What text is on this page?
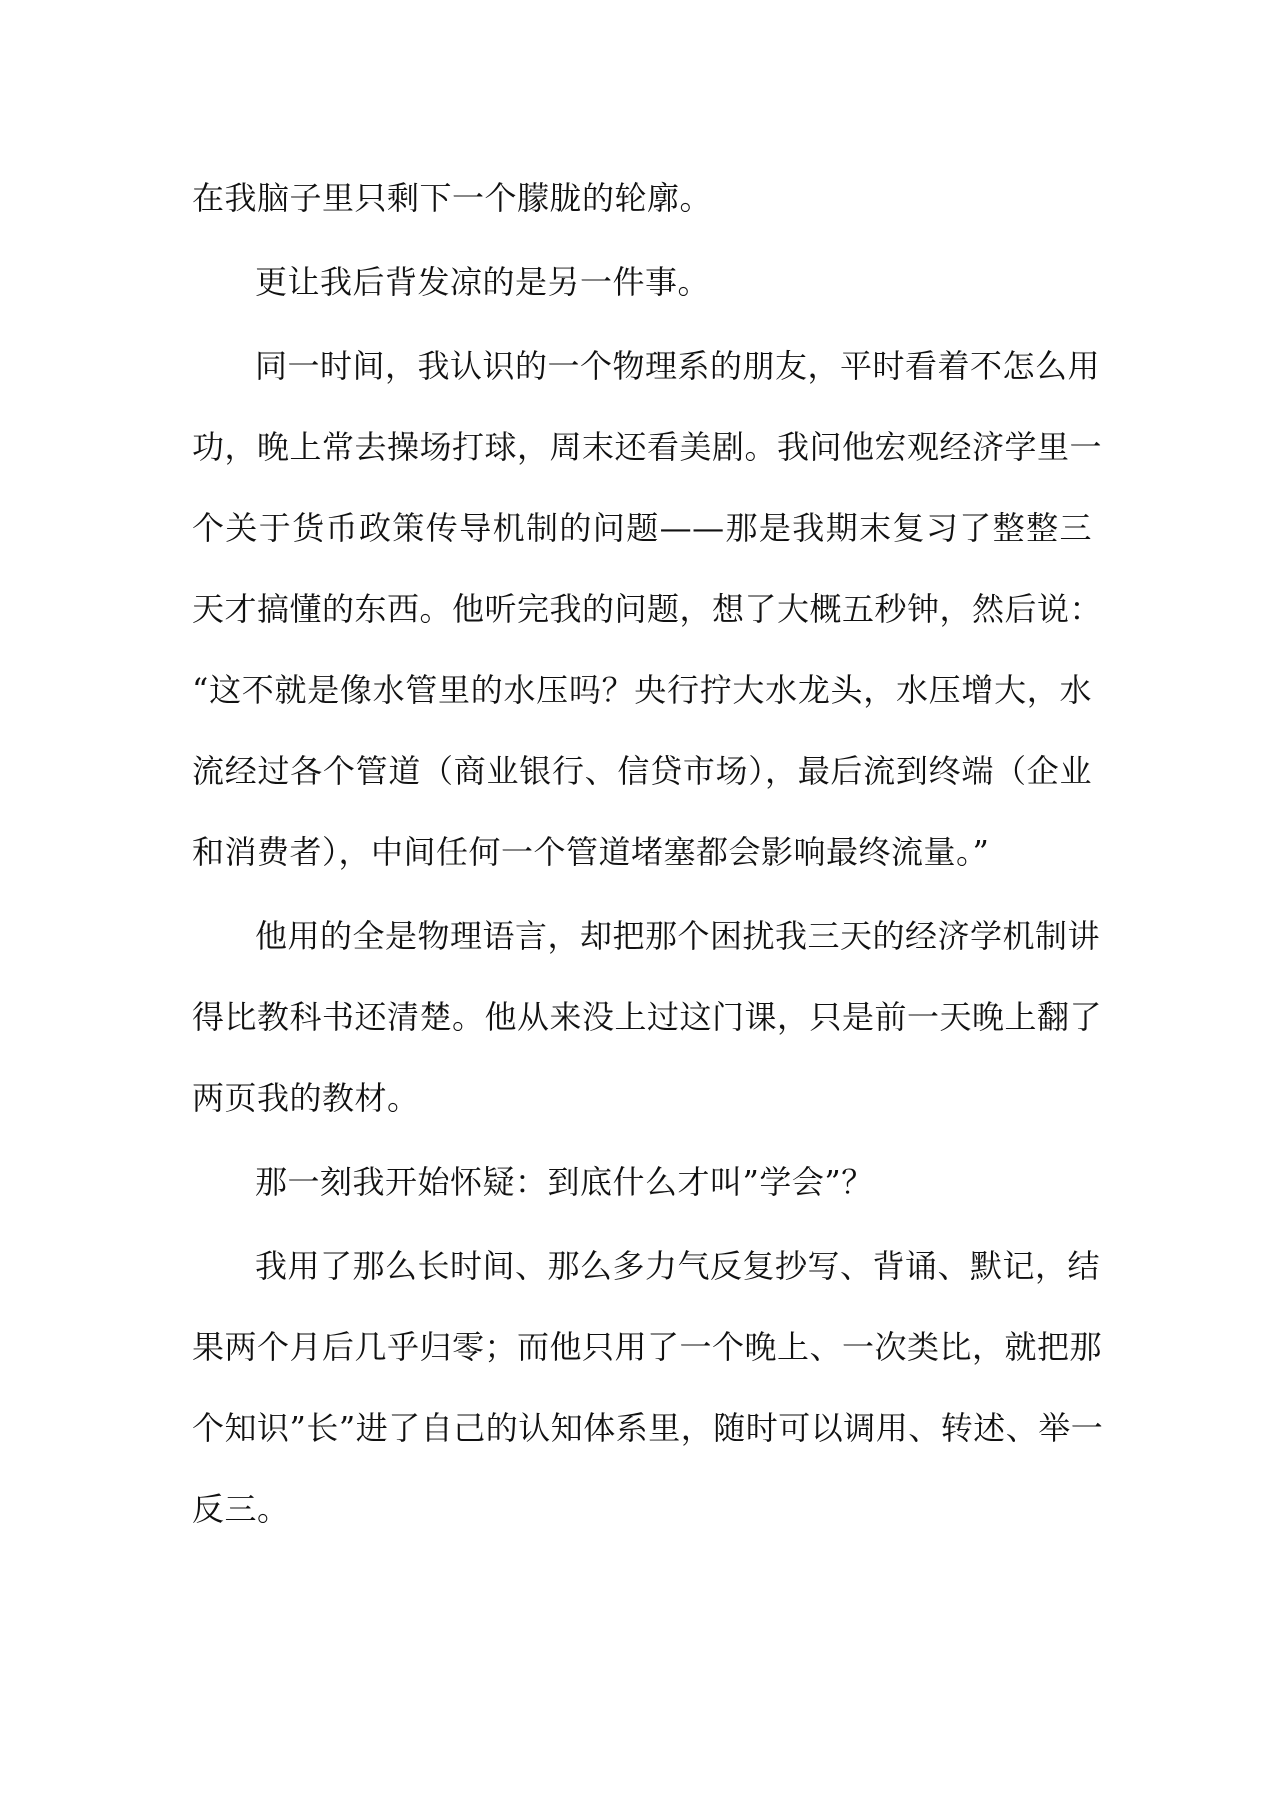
在我脑子里只剩下一个朦胧的轮廓。

更让我后背发凉的是另一件事。

同一时间，我认识的一个物理系的朋友，平时看着不怎么用

功，晚上常去操场打球，周末还看美剧。我问他宏观经济学里一

个关于货币政策传导机制的问题——那是我期末复习了整整三

天才搞懂的东西。他听完我的问题，想了大概五秒钟，然后说：

“这不就是像水管里的水压吗？央行拧大水龙头，水压增大，水

流经过各个管道（商业银行、信贷市场），最后流到终端（企业

和消费者），中间任何一个管道堵塞都会影响最终流量。”

他用的全是物理语言，却把那个困扰我三天的经济学机制讲

得比教科书还清楚。他从来没上过这门课，只是前一天晚上翻了

两页我的教材。

那一刻我开始怀疑：到底什么才叫”学会”？

我用了那么长时间、那么多力气反复抄写、背诵、默记，结

果两个月后几乎归零；而他只用了一个晚上、一次类比，就把那

个知识”长”进了自己的认知体系里，随时可以调用、转述、举一

反三。
